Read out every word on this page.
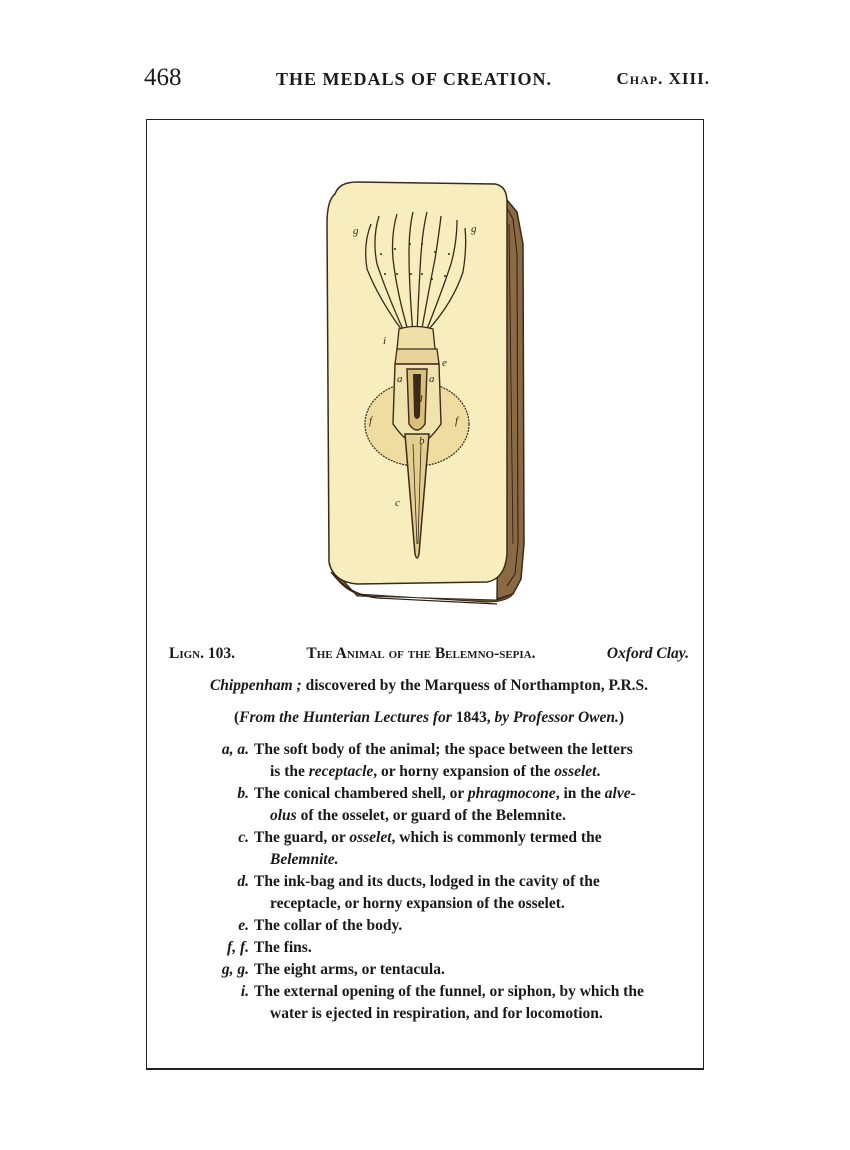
468	THE MEDALS OF CREATION.	Chap. XIII.
g	g
i
e
a a
d
f	f
b
c
Lign. 103.	The Animal of the Belemno-sepia.	Oxford Clay.
Chippenham ; discovered by the Marquess of Northampton, P.R.S.
(From the Hunterian Lectures for 1843, by Professor Owen.)
a, a. The soft body of the animal; the space between the letters
is the receptacle, or horny expansion of the osselet.
b. The conical chambered shell, or phragmocone, in the alve-
olus of the osselet, or guard of the Belemnite.
c. The guard, or osselet, which is commonly termed the
Belemnite.
d. The ink-bag and its ducts, lodged in the cavity of the
receptacle, or horny expansion of the osselet.
e. The collar of the body.
f, f. The fins.
g, g. The eight arms, or tentacula.
i. The external opening of the funnel, or siphon, by which the
water is ejected in respiration, and for locomotion.
